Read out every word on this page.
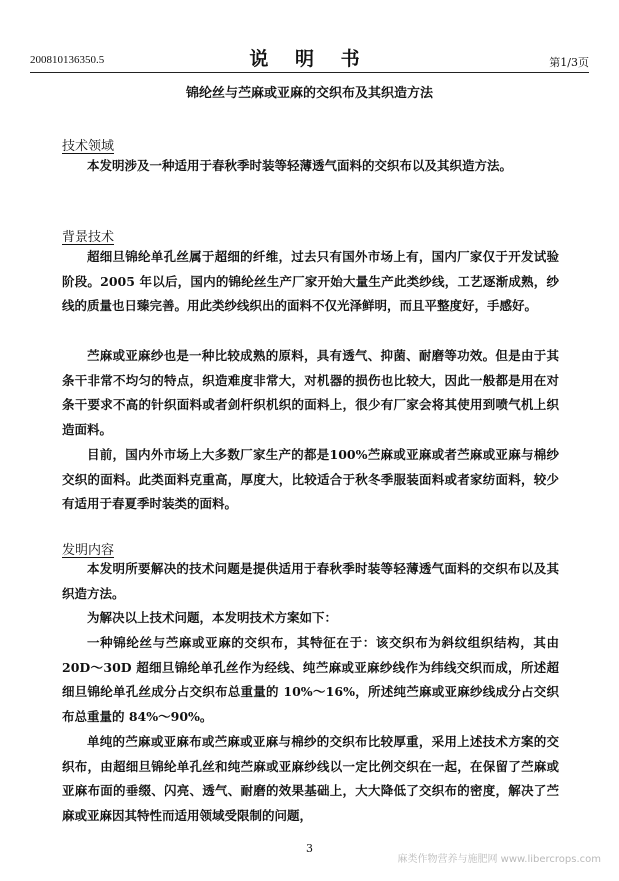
200810136350.5	说 明 书	第1/3页
锦纶丝与苎麻或亚麻的交织布及其织造方法
技术领域

本发明涉及一种适用于春秋季时装等轻薄透气面料的交织布以及其织造方法。

背景技术

超细旦锦纶单孔丝属于超细的纤维，过去只有国外市场上有，国内厂家仅于开发试验阶段。2005 年以后，国内的锦纶丝生产厂家开始大量生产此类纱线，工艺逐渐成熟，纱线的质量也日臻完善。用此类纱线织出的面料不仅光泽鲜明，而且平整度好，手感好。

苎麻或亚麻纱也是一种比较成熟的原料，具有透气、抑菌、耐磨等功效。但是由于其条干非常不均匀的特点，织造难度非常大，对机器的损伤也比较大，因此一般都是用在对条干要求不高的针织面料或者剑杆织机织的面料上，很少有厂家会将其使用到喷气机上织造面料。

目前，国内外市场上大多数厂家生产的都是100%苎麻或亚麻或者苎麻或亚麻与棉纱交织的面料。此类面料克重高，厚度大，比较适合于秋冬季服装面料或者家纺面料，较少有适用于春夏季时装类的面料。

发明内容

本发明所要解决的技术问题是提供适用于春秋季时装等轻薄透气面料的交织布以及其织造方法。

为解决以上技术问题，本发明技术方案如下：

一种锦纶丝与苎麻或亚麻的交织布，其特征在于：该交织布为斜纹组织结构，其由 20D～30D 超细旦锦纶单孔丝作为经线、纯苎麻或亚麻纱线作为纬线交织而成，所述超细旦锦纶单孔丝成分占交织布总重量的 10%～16%，所述纯苎麻或亚麻纱线成分占交织布总重量的 84%～90%。

单纯的苎麻或亚麻布或苎麻或亚麻与棉纱的交织布比较厚重，采用上述技术方案的交织布，由超细旦锦纶单孔丝和纯苎麻或亚麻纱线以一定比例交织在一起，在保留了苎麻或亚麻布面的垂缀、闪亮、透气、耐磨的效果基础上，大大降低了交织布的密度，解决了苎麻或亚麻因其特性而适用领域受限制的问题，

3
麻类作物营养与施肥网 www.libercrops.com
